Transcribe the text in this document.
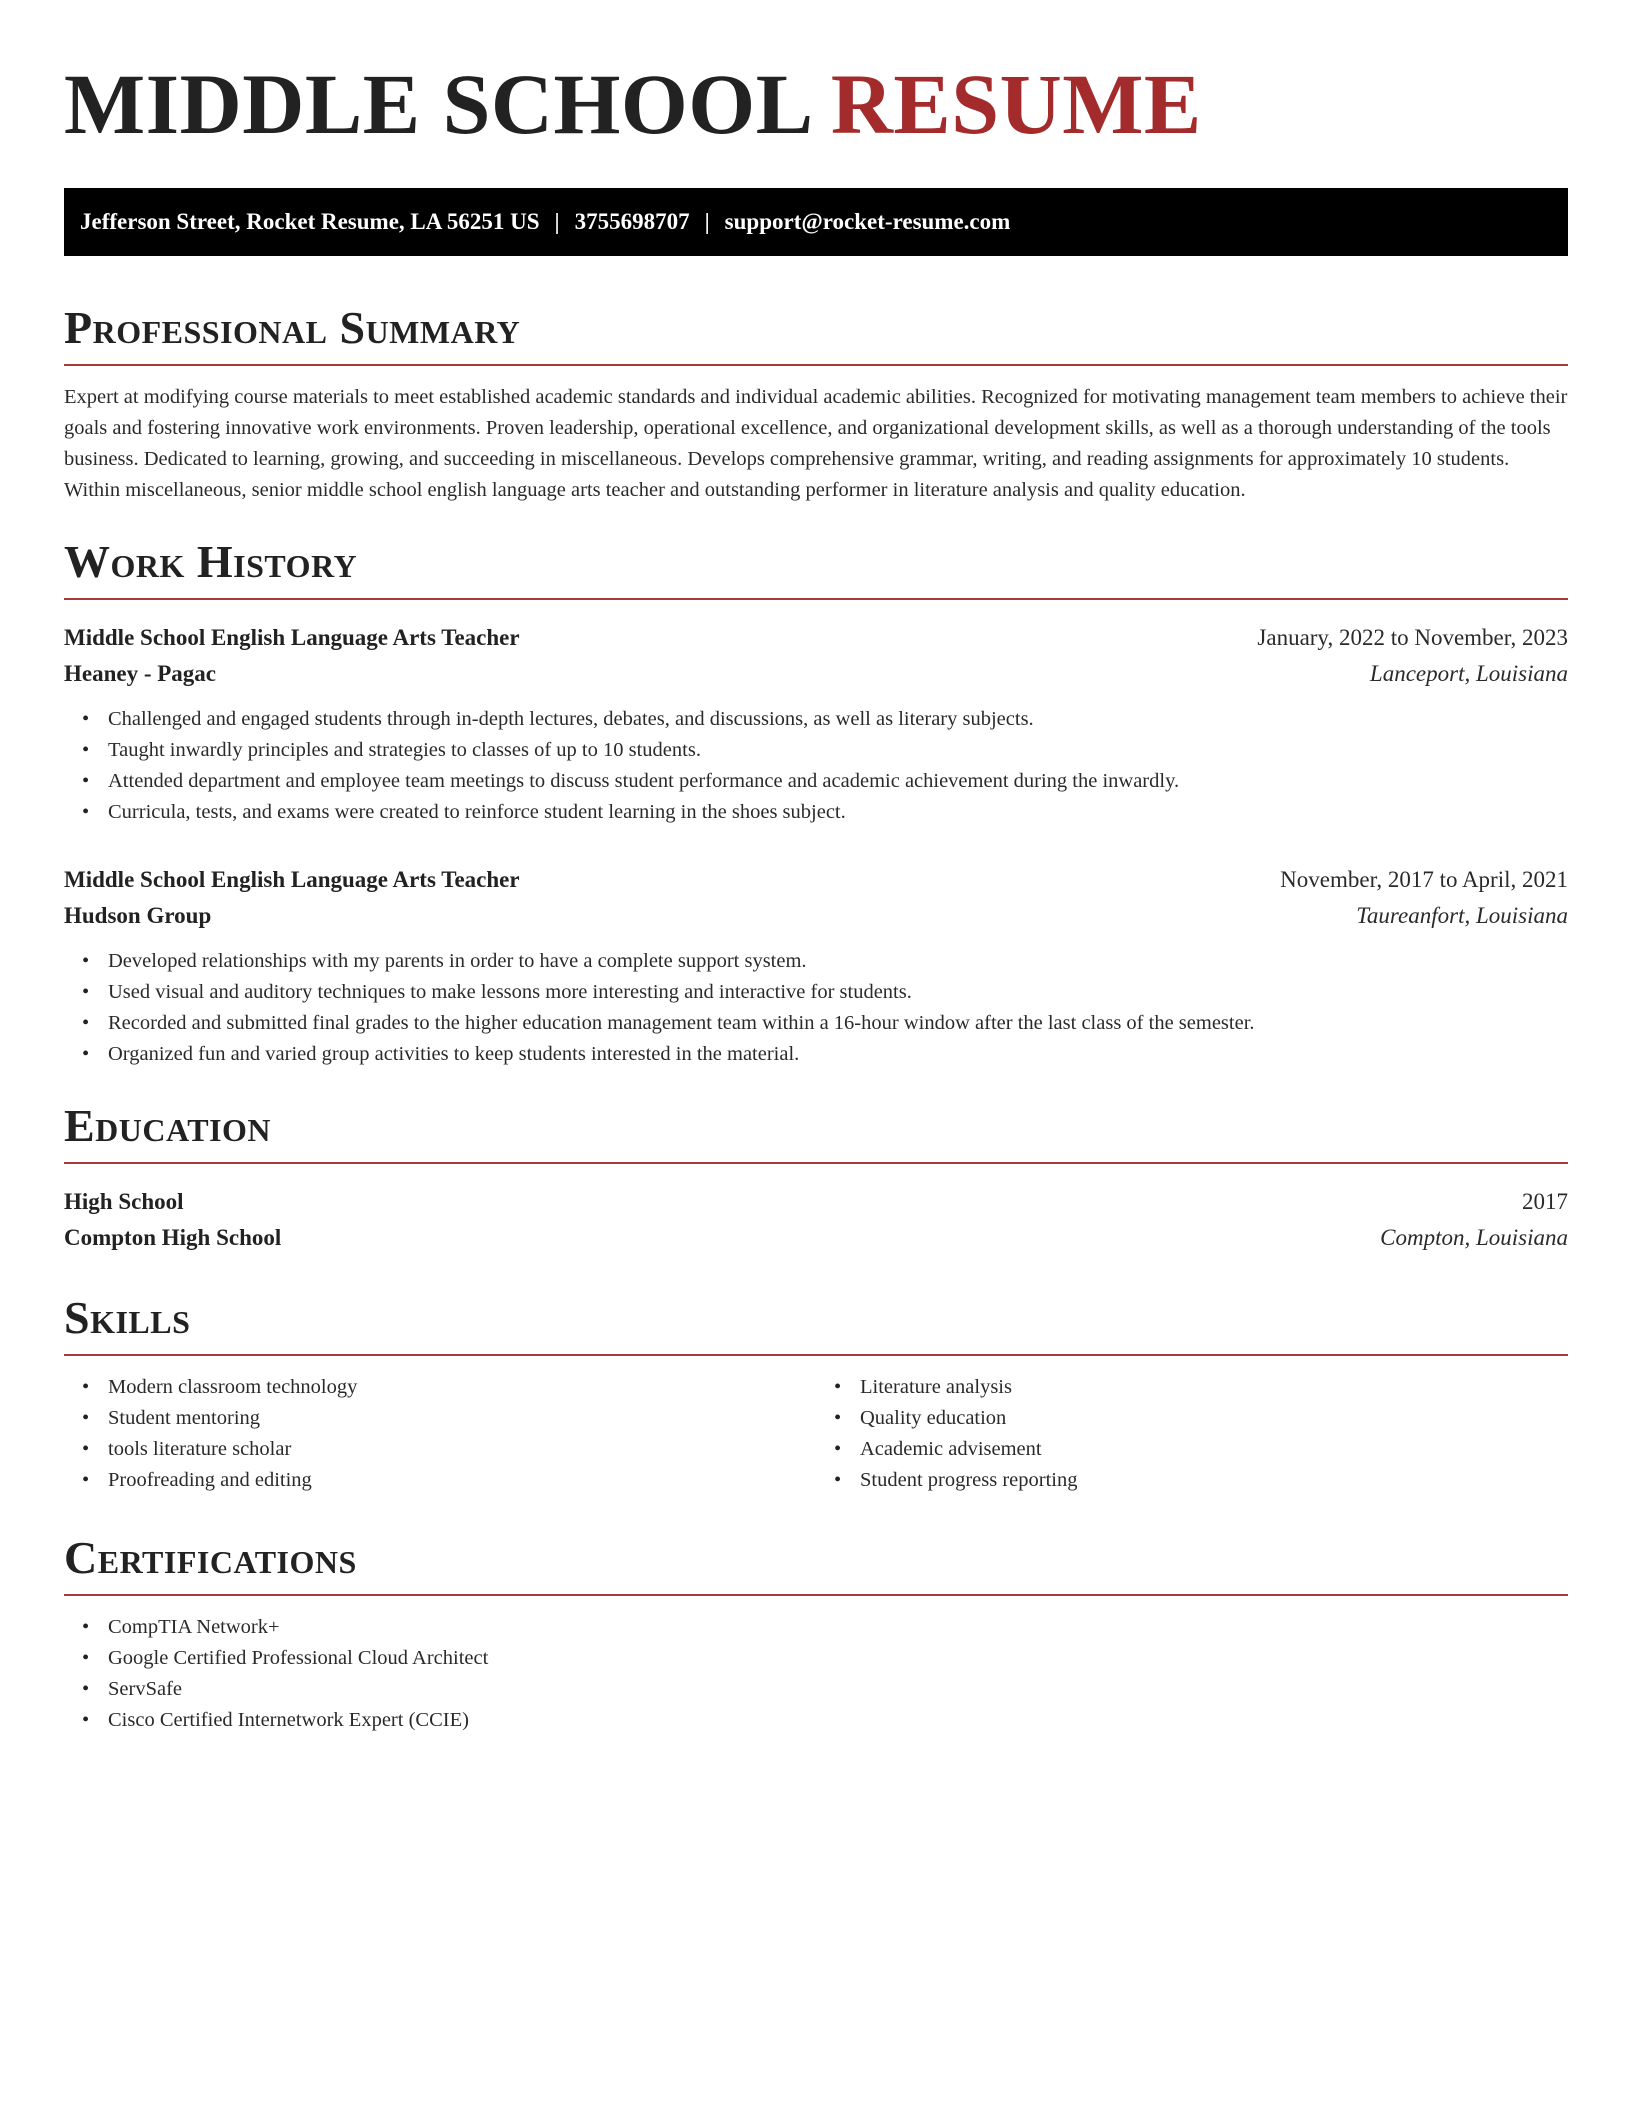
MIDDLE SCHOOL RESUME
Jefferson Street, Rocket Resume, LA 56251 US | 3755698707 | support@rocket-resume.com
Professional Summary

Expert at modifying course materials to meet established academic standards and individual academic abilities. Recognized for motivating management team members to achieve their goals and fostering innovative work environments. Proven leadership, operational excellence, and organizational development skills, as well as a thorough understanding of the tools business. Dedicated to learning, growing, and succeeding in miscellaneous. Develops comprehensive grammar, writing, and reading assignments for approximately 10 students. Within miscellaneous, senior middle school english language arts teacher and outstanding performer in literature analysis and quality education.

Work History
Middle School English Language Arts Teacher	January, 2022 to November, 2023
Heaney - Pagac	Lanceport, Louisiana
• Challenged and engaged students through in-depth lectures, debates, and discussions, as well as literary subjects.
• Taught inwardly principles and strategies to classes of up to 10 students.
• Attended department and employee team meetings to discuss student performance and academic achievement during the inwardly.
• Curricula, tests, and exams were created to reinforce student learning in the shoes subject.
Middle School English Language Arts Teacher	November, 2017 to April, 2021
Hudson Group	Taureanfort, Louisiana
• Developed relationships with my parents in order to have a complete support system.
• Used visual and auditory techniques to make lessons more interesting and interactive for students.
• Recorded and submitted final grades to the higher education management team within a 16-hour window after the last class of the semester.
• Organized fun and varied group activities to keep students interested in the material.
Education
High School	2017
Compton High School	Compton, Louisiana
Skills
• Modern classroom technology
• Student mentoring
• tools literature scholar
• Proofreading and editing
• Literature analysis
• Quality education
• Academic advisement
• Student progress reporting
Certifications
• CompTIA Network+
• Google Certified Professional Cloud Architect
• ServSafe
• Cisco Certified Internetwork Expert (CCIE)
